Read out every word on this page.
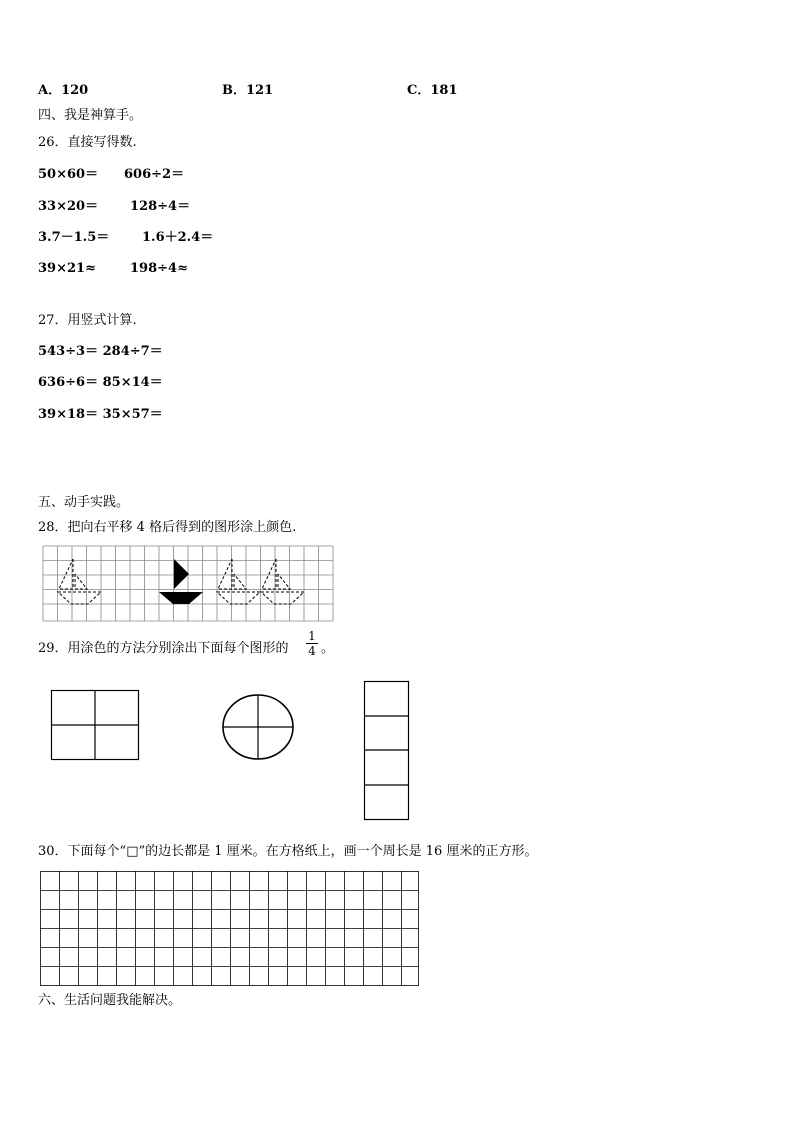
A．120	B．121	C．181
四、我是神算手。
26．直接写得数.
50×60＝ 606÷2＝
33×20＝ 128÷4＝
3.7－1.5＝	1.6＋2.4＝
39×21≈	198÷4≈
27．用竖式计算.
543÷3＝ 284÷7＝
636÷6＝ 85×14＝
39×18＝ 35×57＝
五、动手实践。
28．把向右平移 4 格后得到的图形涂上颜色.
29．用涂色的方法分别涂出下面每个图形的 $\frac{1}{4}$ 。
30．下面每个“□”的边长都是 1 厘米。在方格纸上，画一个周长是 16 厘米的正方形。
六、生活问题我能解决。
